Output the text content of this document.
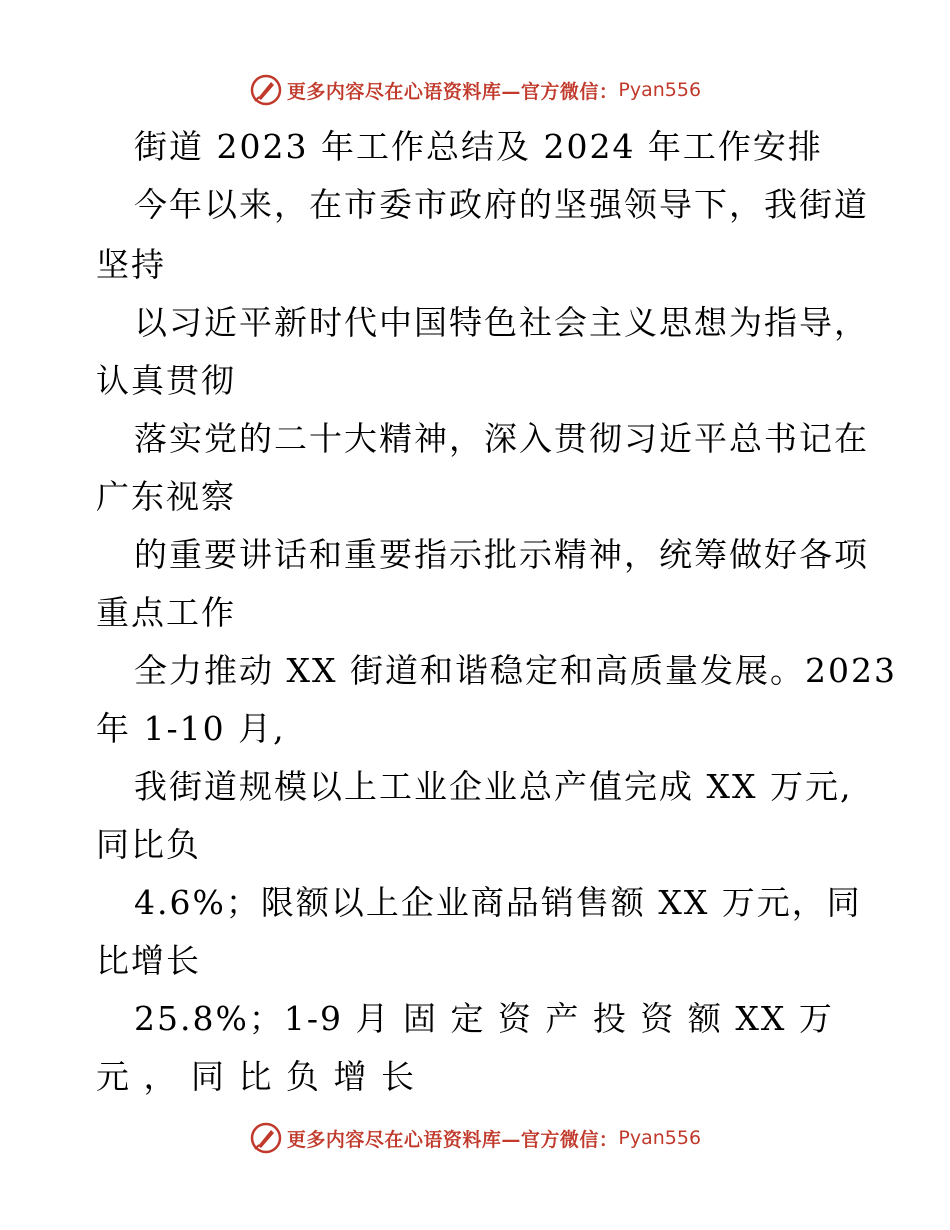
更多内容尽在心语资料库—官方微信： Pyan556
街道 2023 年工作总结及 2024 年工作安排
今年以来，在市委市政府的坚强领导下，我街道
坚持
以习近平新时代中国特色社会主义思想为指导，
认真贯彻
落实党的二十大精神，深入贯彻习近平总书记在
广东视察
的重要讲话和重要指示批示精神，统筹做好各项
重点工作
全力推动 XX 街道和谐稳定和高质量发展。2023
年 1-10 月,
我街道规模以上工业企业总产值完成 XX 万元,
同比负
4.6%；限额以上企业商品销售额 XX 万元，同
比增长
25.8%；1-9 月 固 定 资 产 投 资 额 XX 万
元 ， 同 比 负 增 长
更多内容尽在心语资料库—官方微信： Pyan556
